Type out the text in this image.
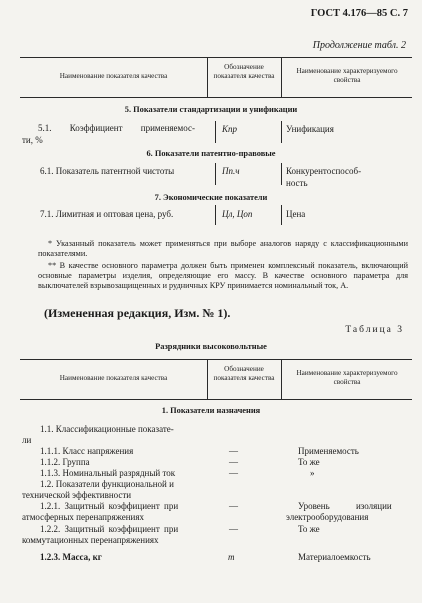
ГОСТ 4.176—85 С. 7
Продолжение табл. 2
Наименование показателя качества
Обозначение показателя качества
Наименование характеризуемого свойства
5. Показатели стандартизации и унификации
5.1. Коэффициент применяемос-
ти, %
Kпр	Унификация
6. Показатели патентно-правовые
6.1. Показатель патентной чистоты	Пп.ч	Конкурентоспособ-
ность
7. Экономические показатели
7.1. Лимитная и оптовая цена, руб.	Цл, Цоп	Цена
* Указанный показатель может применяться при выборе аналогов наряду с классификационными показателями.
** В качестве основного параметра должен быть применен комплексный показатель, включающий основные параметры изделия, определяющие его массу. В качестве основного параметра для выключателей взрывозащищенных и рудничных КРУ принимается номинальный ток, А.
(Измененная редакция, Изм. № 1).
Таблица 3
Разрядники высоковольтные
Наименование показателя качества
Обозначение показателя качества
Наименование характеризуемого свойства
1. Показатели назначения
1.1. Классификационные показате-
ли
1.1.1. Класс напряжения	—	Применяемость
1.1.2. Группа	—	То же
1.1.3. Номинальный разрядный ток	—	»
1.2. Показатели функциональной и
технической эффективности
1.2.1. Защитный коэффициент при
атмосферных перенапряжениях
—	Уровень изоляции
электрооборудования
1.2.2. Защитный коэффициент при
коммутационных перенапряжениях
—	То же
1.2.3. Масса, кг	m	Материалоемкость
